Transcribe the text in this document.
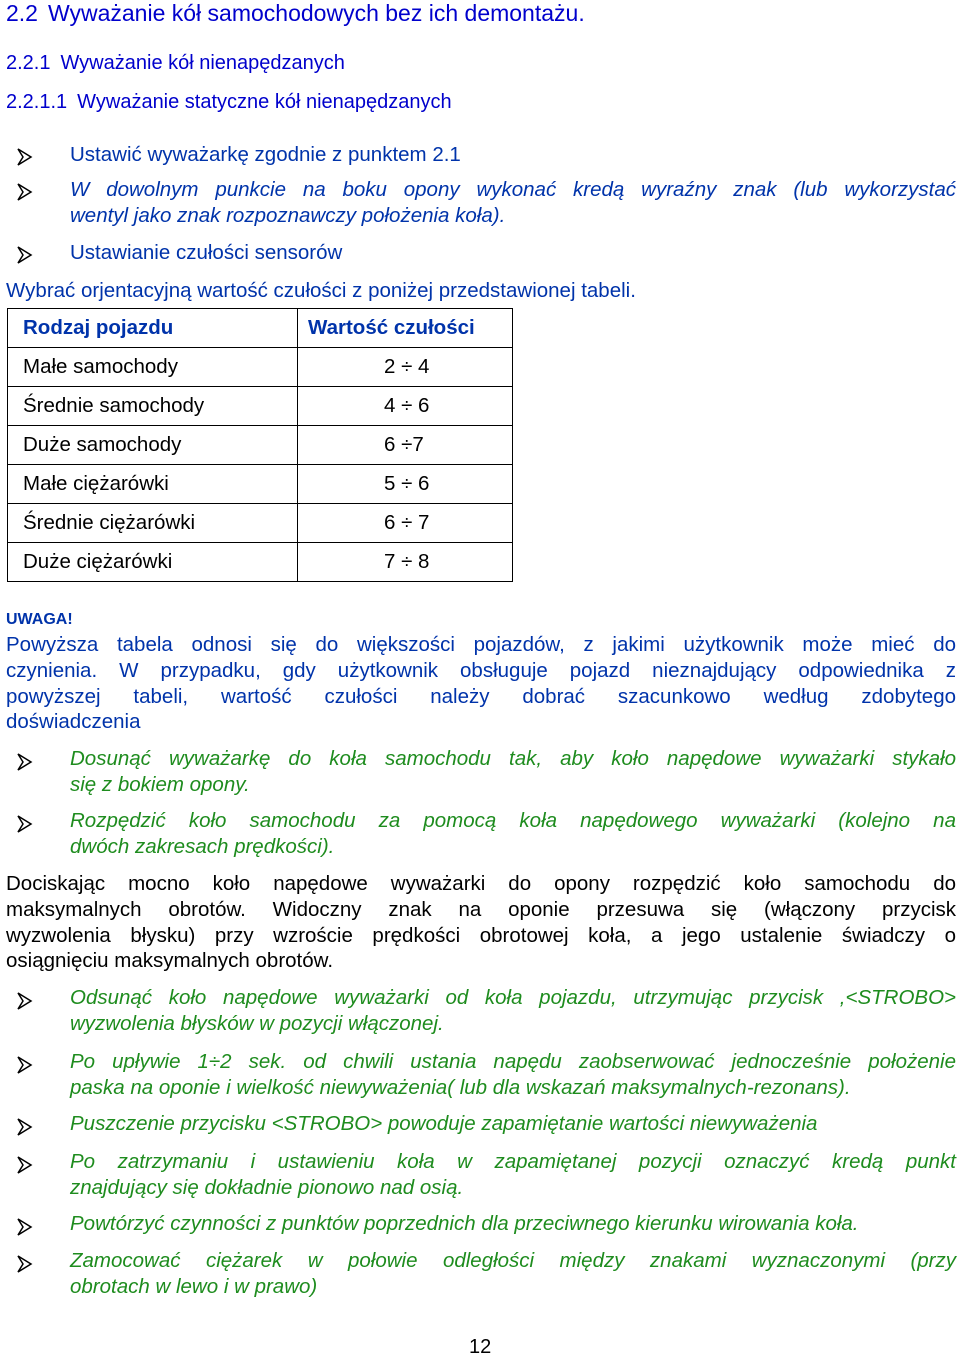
2.2 Wyważanie kół samochodowych bez ich demontażu.
2.2.1 Wyważanie kół nienapędzanych
2.2.1.1 Wyważanie statyczne kół nienapędzanych
Ustawić wyważarkę zgodnie z punktem 2.1
W dowolnym punkcie na boku opony wykonać kredą wyraźny znak (lub wykorzystać
wentyl jako znak rozpoznawczy położenia koła).
Ustawianie czułości sensorów
Wybrać orjentacyjną wartość czułości z poniżej przedstawionej tabeli.
Rodzaj pojazdu	Wartość czułości
Małe samochody	2 ÷ 4
Średnie samochody	4 ÷ 6
Duże samochody	6 ÷7
Małe ciężarówki	5 ÷ 6
Średnie ciężarówki	6 ÷ 7
Duże ciężarówki	7 ÷ 8
UWAGA!
Powyższa tabela odnosi się do większości pojazdów, z jakimi użytkownik może mieć do
czynienia. W przypadku, gdy użytkownik obsługuje pojazd nieznajdujący odpowiednika z
powyższej tabeli, wartość czułości należy dobrać szacunkowo według zdobytego
doświadczenia
Dosunąć wyważarkę do koła samochodu tak, aby koło napędowe wyważarki stykało
się z bokiem opony.
Rozpędzić koło samochodu za pomocą koła napędowego wyważarki (kolejno na
dwóch zakresach prędkości).
Dociskając mocno koło napędowe wyważarki do opony rozpędzić koło samochodu do
maksymalnych obrotów. Widoczny znak na oponie przesuwa się (włączony przycisk
wyzwolenia błysku) przy wzroście prędkości obrotowej koła, a jego ustalenie świadczy o
osiągnięciu maksymalnych obrotów.
Odsunąć koło napędowe wyważarki od koła pojazdu, utrzymując przycisk ,<STROBO>
wyzwolenia błysków w pozycji włączonej.
Po upływie 1÷2 sek. od chwili ustania napędu zaobserwować jednocześnie położenie
paska na oponie i wielkość niewyważenia( lub dla wskazań maksymalnych-rezonans).
Puszczenie przycisku <STROBO> powoduje zapamiętanie wartości niewyważenia
Po zatrzymaniu i ustawieniu koła w zapamiętanej pozycji oznaczyć kredą punkt
znajdujący się dokładnie pionowo nad osią.
Powtórzyć czynności z punktów poprzednich dla przeciwnego kierunku wirowania koła.
Zamocować ciężarek w połowie odległości między znakami wyznaczonymi (przy
obrotach w lewo i w prawo)
12
